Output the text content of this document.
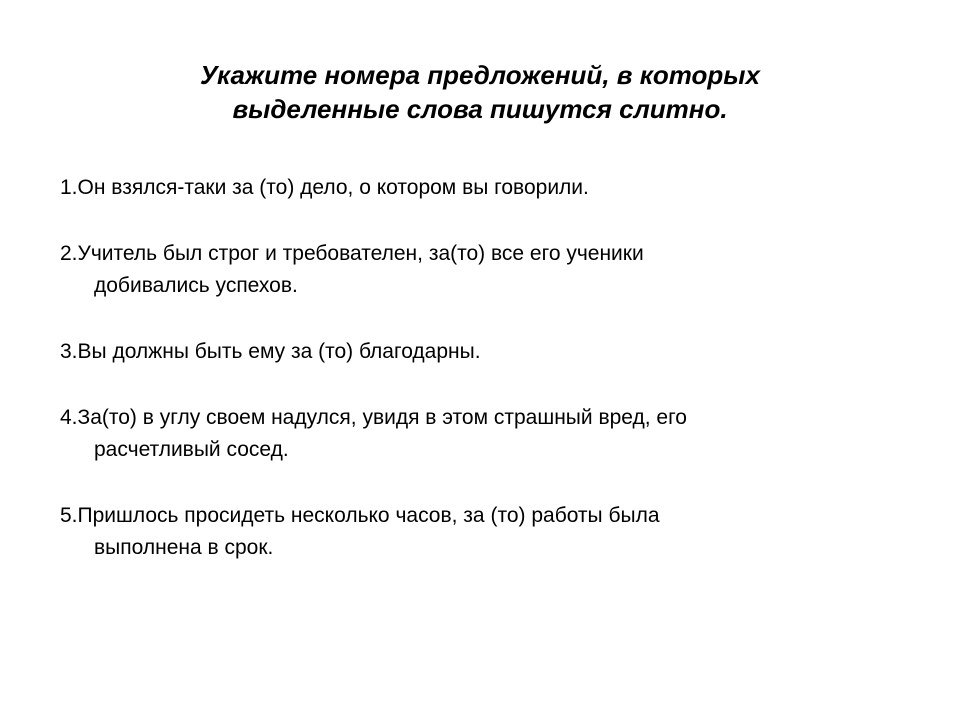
Укажите номера предложений, в которых
выделенные слова пишутся слитно.
1.Он взялся-таки за (то) дело, о котором вы говорили.
2.Учитель был строг и требователен, за(то) все его ученики
добивались успехов.
3.Вы должны быть ему за (то) благодарны.
4.За(то) в углу своем надулся, увидя в этом страшный вред, его
расчетливый сосед.
5.Пришлось просидеть несколько часов, за (то) работы была
выполнена в срок.
